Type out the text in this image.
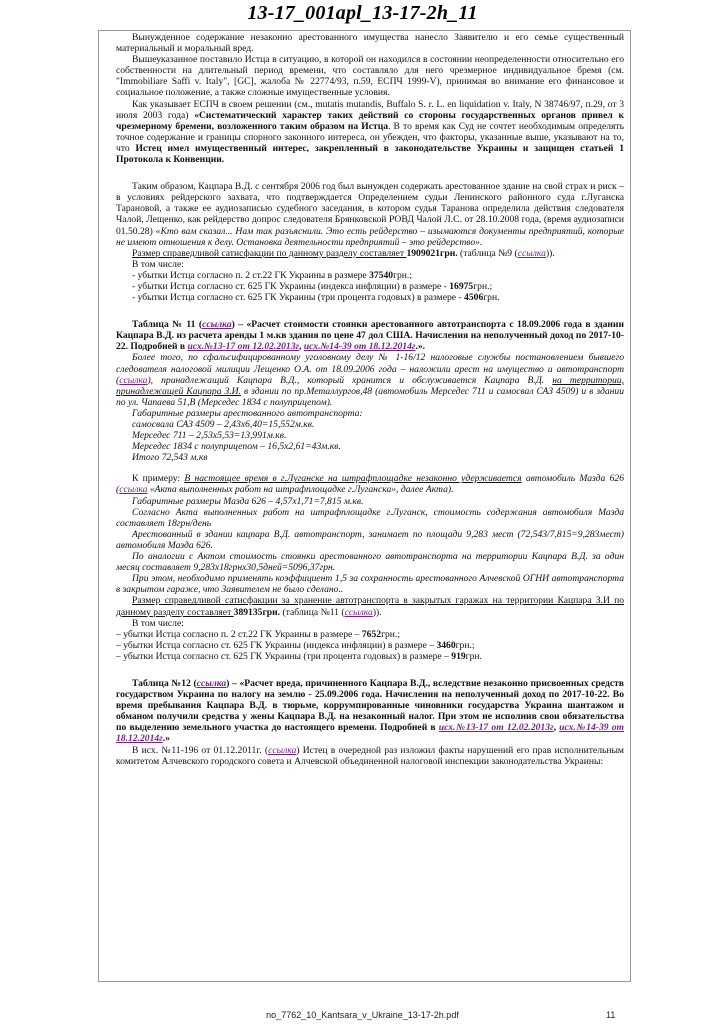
13-17_001apl_13-17-2h_11

Вынужденное содержание незаконно арестованного имущества нанесло Заявителю и его семье существенный материальный и моральный вред.

Вышеуказанное поставило Истца в ситуацию, в которой он находился в состоянии неопределенности относительно его собственности на длительный период времени, что составляло для него чрезмерное индивидуальное бремя (см. "Immobiliare Saffi v. Italy", [GC], жалоба № 22774/93, п.59, ЕСПЧ 1999-V), принимая во внимание его финансовое и социальное положение, а также сложные имущественные условия.

Как указывает ЕСПЧ в своем решении (см., mutatis mutandis, Buffalo S. r. L. en liquidation v. Italy, N 38746/97, п.29, от 3 июля 2003 года) «Систематический характер таких действий со стороны государственных органов привел к чрезмерному бремени, возложенного таким образом на Истца. В то время как Суд не сочтет необходимым определять точное содержание и границы спорного законного интереса, он убежден, что факторы, указанные выше, указывают на то, что Истец имел имущественный интерес, закрепленный в законодательстве Украины и защищен статьей 1 Протокола к Конвенции.

Таким образом, Кацпара В.Д. с сентября 2006 год был вынужден содержать арестованное здание на свой страх и риск – в условиях рейдерского захвата, что подтверждается Определением судьи Ленинского районного суда г.Луганска Тарановой, а также ее аудиозаписью судебного заседания, в котором судья Таранова определила действия следователя Чалой, Лещенко, как рейдерство допрос следователя Брянковской РОВД Чалой Л.С. от 28.10.2008 года, (время аудиозаписи 01.50.28) «Кто вам сказал... Нам так разъяснили. Это есть рейдерство – изымаются документы предприятий, которые не имеют отношения к делу. Остановка деятельности предприятий – это рейдерство».

Размер справедливой сатисфакции по данному разделу составляет 1909021грн. (таблица №9 (ссылка)).

В том числе:

- убытки Истца согласно п. 2 ст.22 ГК Украины в размере 37540грн.;

- убытки Истца согласно ст. 625 ГК Украины (индекса инфляции) в размере - 16975грн.;

- убытки Истца согласно ст. 625 ГК Украины (три процента годовых) в размере - 4506грн.

Таблица № 11 (ссылка) – «Расчет стоимости стоянки арестованного автотранспорта с 18.09.2006 года в здании Кацпара В.Д. из расчета аренды 1 м.кв здания по цене 47 дол США. Начисления на неполученный доход по 2017-10-22. Подробней в исх.№13-17 от 12.02.2013г, исх.№14-39 от 18.12.2014г.».

Более того, по сфальсифицированному уголовному делу № 1-16/12 налоговые службы постановлением бывшего следователя налоговой милиции Лещенко О.А. от 18.09.2006 года – наложили арест на имущество и автотранспорт (ссылка), принадлежащий Кацпара В.Д., который хранится и обслуживается Кацпара В.Д. на территории, принадлежащей Кацпара З.И. в здании по пр.Металлургов,48 (автомобиль Мерседес 711 и самосвал САЗ 4509) и в здании по ул. Чапаева 51,В (Мерседес 1834 с полуприцепом).

Габаритные размеры арестованного автотранспорта:

самосвала САЗ 4509 – 2,43х6,40=15,552м.кв.

Мерседес 711 – 2,53х5,53=13,991м.кв.

Мерседес 1834 с полуприцепом – 16,5х2,61=43м.кв.

Итого 72,543 м.кв

К примеру: В настоящее время в г.Луганске на штрафплощадке незаконно удерживается автомобиль Мазда 626 (ссылка «Акта выполненных работ на штрафплощадке г.Луганска», далее Акта).

Габаритные размеры Мазда 626 – 4,57х1,71=7,815 м.кв.

Согласно Акта выполненных работ на штрафплощадке г.Луганск, стоимость содержания автомобиля Мазда составляет 18грн/день

Арестованный в здании кацпара В.Д. автотранспорт, занимает по площади 9,283 мест (72,543/7,815=9,283мест) автомобиля Мазда 626.

По аналогии с Актом стоимость стоянки арестованного автотранспорта на территории Кацпара В.Д. за один месяц составляет 9,283х18грнх30,5дней=5096,37грн.

При этом, необходимо применять коэффициент 1,5 за сохранность арестованного Алчевской ОГНИ автотранспорта в закрытом гараже, что Заявителем не было сделано..

Размер справедливой сатисфакции за хранение автотранспорта в закрытых гаражах на территории Кацпара З.И по данному разделу составляет 389135грн. (таблица №11 (ссылка)).

В том числе:

– убытки Истца согласно п. 2 ст.22 ГК Украины в размере – 7652грн.;

– убытки Истца согласно ст. 625 ГК Украины (индекса инфляции) в размере – 3460грн.;

– убытки Истца согласно ст. 625 ГК Украины (три процента годовых) в размере – 919грн.

Таблица №12 (ссылка) – «Расчет вреда, причиненного Кацпара В.Д., вследствие незаконно присвоенных средств государством Украина по налогу на землю - 25.09.2006 года. Начисления на неполученный доход по 2017-10-22. Во время пребывания Кацпара В.Д. в тюрьме, коррумпированные чиновники государства Украина шантажом и обманом получили средства у жены Кацпара В.Д. на незаконный налог. При этом не исполнив свои обязательства по выделению земельного участка до настоящего времени. Подробней в исх.№13-17 от 12.02.2013г, исх.№14-39 от 18.12.2014г.»

В исх. №11-196 от 01.12.2011г. (ссылка) Истец в очередной раз изложил факты нарушений его прав исполнительным комитетом Алчевского городского совета и Алчевской объединенной налоговой инспекции законодательства Украины:

no_7762_10_Kantsara_v_Ukraine_13-17-2h.pdf	11
